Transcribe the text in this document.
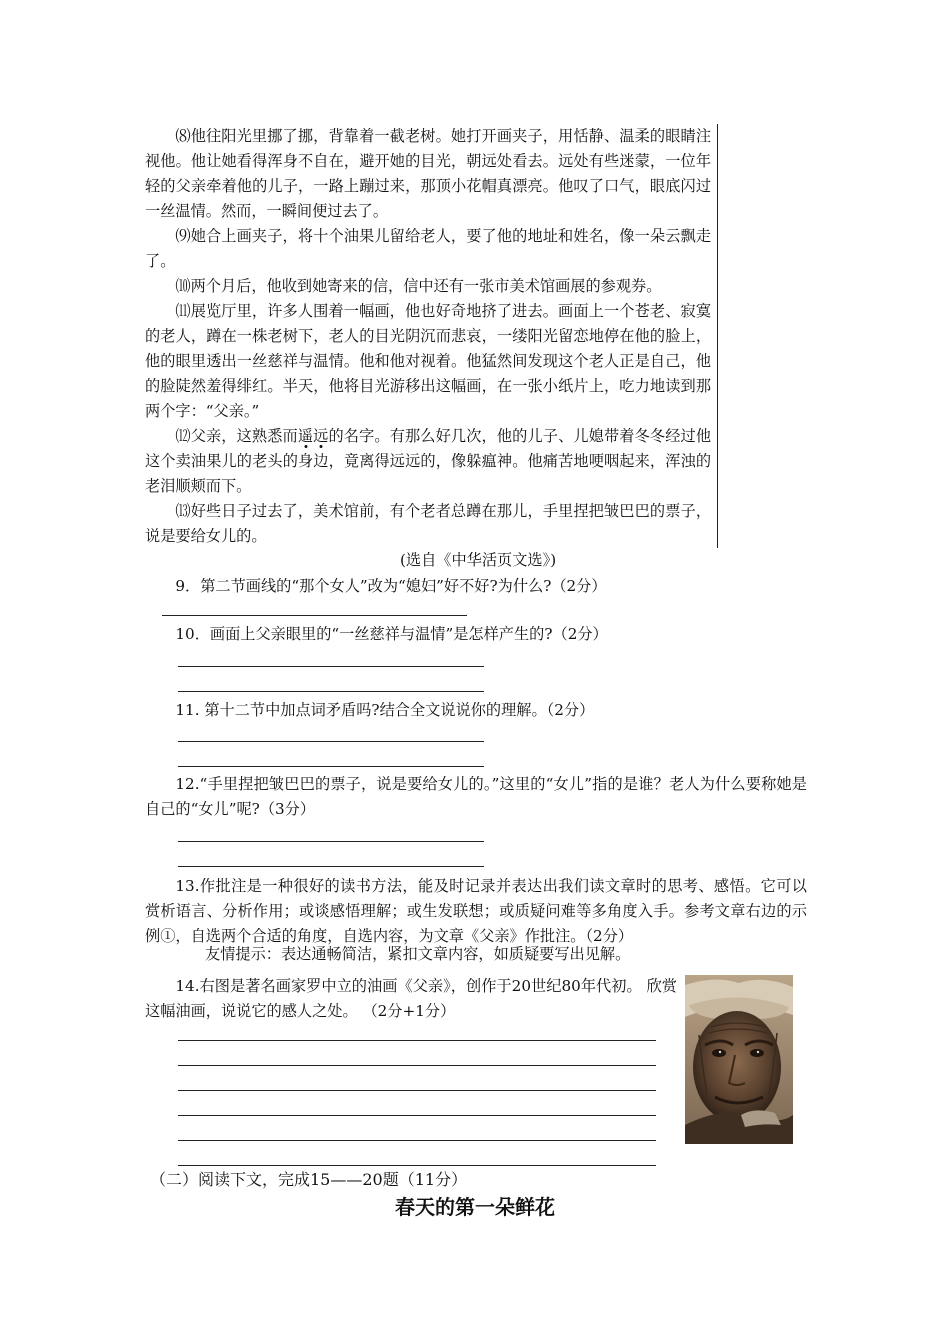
⑻他往阳光里挪了挪，背靠着一截老树。她打开画夹子，用恬静、温柔的眼睛注视他。他让她看得浑身不自在，避开她的目光，朝远处看去。远处有些迷蒙，一位年轻的父亲牵着他的儿子，一路上蹦过来，那顶小花帽真漂亮。他叹了口气，眼底闪过一丝温情。然而，一瞬间便过去了。

⑼她合上画夹子，将十个油果儿留给老人，要了他的地址和姓名，像一朵云飘走了。

⑽两个月后，他收到她寄来的信，信中还有一张市美术馆画展的参观券。

⑾展览厅里，许多人围着一幅画，他也好奇地挤了进去。画面上一个苍老、寂寞的老人，蹲在一株老树下，老人的目光阴沉而悲哀，一缕阳光留恋地停在他的脸上，他的眼里透出一丝慈祥与温情。他和他对视着。他猛然间发现这个老人正是自己，他的脸陡然羞得绯红。半天，他将目光游移出这幅画，在一张小纸片上，吃力地读到那两个字：“父亲。”

⑿父亲，这熟悉而遥远的名字。有那么好几次，他的儿子、儿媳带着冬冬经过他这个卖油果儿的老头的身边，竟离得远远的，像躲瘟神。他痛苦地哽咽起来，浑浊的老泪顺颊而下。

⒀好些日子过去了，美术馆前，有个老者总蹲在那儿，手里捏把皱巴巴的票子，说是要给女儿的。

(选自《中华活页文选》)

9．第二节画线的“那个女人”改为“媳妇”好不好?为什么?（2分）

10．画面上父亲眼里的“一丝慈祥与温情”是怎样产生的?（2分）

11. 第十二节中加点词矛盾吗?结合全文说说你的理解。（2分）

12.“手里捏把皱巴巴的票子，说是要给女儿的。”这里的“女儿”指的是谁？老人为什么要称她是自己的“女儿”呢?（3分）

13.作批注是一种很好的读书方法，能及时记录并表达出我们读文章时的思考、感悟。它可以赏析语言、分析作用；或谈感悟理解；或生发联想；或质疑问难等多角度入手。参考文章右边的示例①，自选两个合适的角度，自选内容，为文章《父亲》作批注。（2分）

友情提示：表达通畅简洁，紧扣文章内容，如质疑要写出见解。

14.右图是著名画家罗中立的油画《父亲》，创作于20世纪80年代初。 欣赏这幅油画，说说它的感人之处。 （2分+1分）

（二）阅读下文，完成15——20题（11分）
春天的第一朵鲜花
